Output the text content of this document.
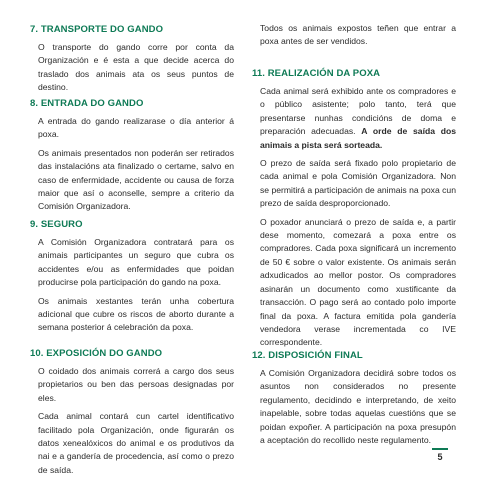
7. TRANSPORTE DO GANDO

O transporte do gando corre por conta da Organización e é esta a que decide acerca do traslado dos animais ata os seus puntos de destino.

8. ENTRADA DO GANDO

A entrada do gando realizarase o día anterior á poxa.

Os animais presentados non poderán ser retirados das instalacións ata finalizado o certame, salvo en caso de enfermidade, accidente ou causa de forza maior que así o aconselle, sempre a criterio da Comisión Organizadora.

9. SEGURO

A Comisión Organizadora contratará para os animais participantes un seguro que cubra os accidentes e/ou as enfermidades que poidan producirse pola participación do gando na poxa.

Os animais xestantes terán unha cobertura adicional que cubre os riscos de aborto durante a semana posterior á celebración da poxa.

10. EXPOSICIÓN DO GANDO

O coidado dos animais correrá a cargo dos seus propietarios ou ben das persoas designadas por eles.

Cada animal contará cun cartel identificativo facilitado pola Organización, onde figurarán os datos xenealóxicos do animal e os produtivos da nai e a gandería de procedencia, así como o prezo de saída.

Todos os animais expostos teñen que entrar a poxa antes de ser vendidos.

11. REALIZACIÓN DA POXA

Cada animal será exhibido ante os compradores e o público asistente; polo tanto, terá que presentarse nunhas condicións de doma e preparación adecuadas. A orde de saída dos animais a pista será sorteada.

O prezo de saída será fixado polo propietario de cada animal e pola Comisión Organizadora. Non se permitirá a participación de animais na poxa cun prezo de saída desproporcionado.

O poxador anunciará o prezo de saída e, a partir dese momento, comezará a poxa entre os compradores. Cada poxa significará un incremento de 50 € sobre o valor existente. Os animais serán adxudicados ao mellor postor. Os compradores asinarán un documento como xustificante da transacción. O pago será ao contado polo importe final da poxa. A factura emitida pola gandería vendedora verase incrementada co IVE correspondente.

12. DISPOSICIÓN FINAL

A Comisión Organizadora decidirá sobre todos os asuntos non considerados no presente regulamento, decidindo e interpretando, de xeito inapelable, sobre todas aquelas cuestións que se poidan expoñer. A participación na poxa presupón a aceptación do recollido neste regulamento.

5
